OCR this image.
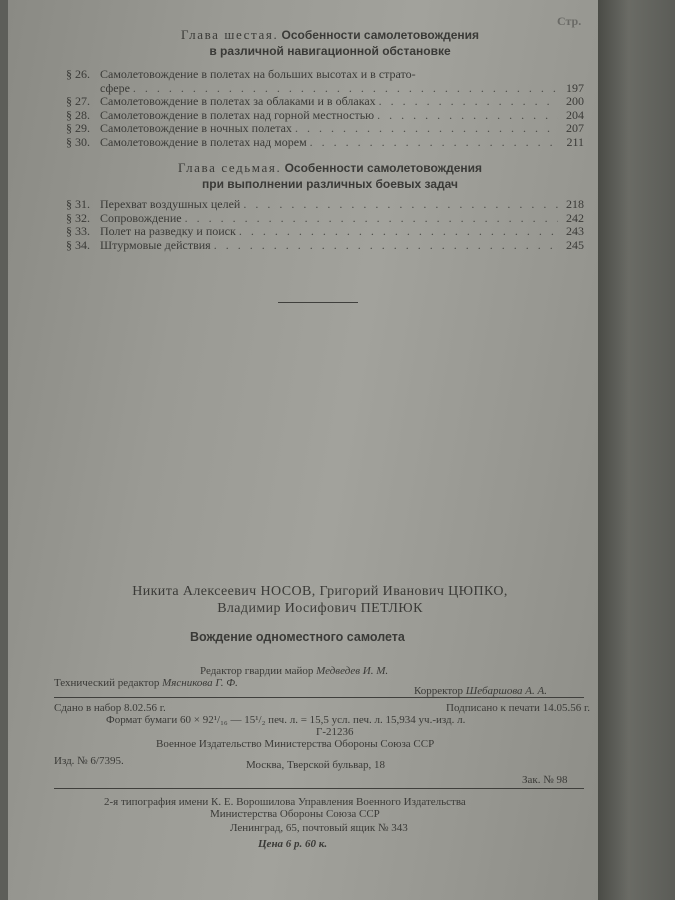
Стр.
Глава шестая. Особенности самолетовождения
в различной навигационной обстановке
§ 26. Самолетовождение в полетах на больших высотах и в страто-
сфере . . .	197
§ 27. Самолетовождение в полетах за облаками и в облаках . . .	200
§ 28. Самолетовождение в полетах над горной местностью . . .	204
§ 29. Самолетовождение в ночных полетах . . .	207
§ 30. Самолетовождение в полетах над морем . . .	211
Глава седьмая. Особенности самолетовождения
при выполнении различных боевых задач
§ 31. Перехват воздушных целей . . .	218
§ 32. Сопровождение . . .	242
§ 33. Полет на разведку и поиск . . .	243
§ 34. Штурмовые действия . . .	245
Никита Алексеевич НОСОВ, Григорий Иванович ЦЮПКО,
Владимир Иосифович ПЕТЛЮК
Вождение одноместного самолета
Редактор гвардии майор Медведев И. М.
Технический редактор Мясникова Г. Ф.
Корректор Шебаршова А. А.
Сдано в набор 8.02.56 г.	Подписано к печати 14.05.56 г.
Формат бумаги 60 × 92¹/₁₆ — 15¹/₂ печ. л. = 15,5 усл. печ. л. 15,934 уч.-изд. л.
Г-21236
Военное Издательство Министерства Обороны Союза ССР
Москва, Тверской бульвар, 18
Изд. № 6/7395.
Зак. № 98
2-я типография имени К. Е. Ворошилова Управления Военного Издательства
Министерства Обороны Союза ССР
Ленинград, 65, почтовый ящик № 343
Цена 6 р. 60 к.
